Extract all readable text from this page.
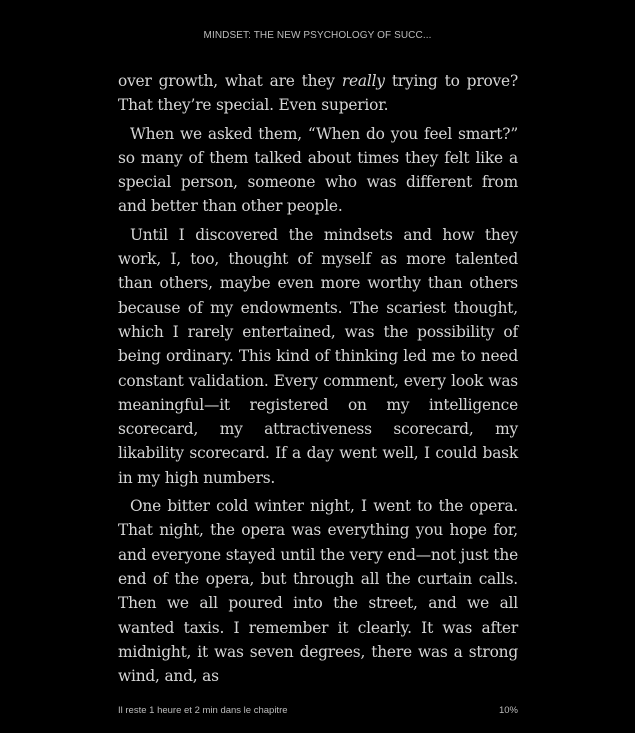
MINDSET: THE NEW PSYCHOLOGY OF SUCC...

over growth, what are they really trying to prove? That they’re special. Even superior.

When we asked them, “When do you feel smart?” so many of them talked about times they felt like a special person, someone who was different from and better than other people.

Until I discovered the mindsets and how they work, I, too, thought of myself as more talented than others, maybe even more worthy than others because of my endowments. The scariest thought, which I rarely entertained, was the possibility of being ordinary. This kind of thinking led me to need constant validation. Every comment, every look was meaningful—it registered on my intelligence scorecard, my attractiveness scorecard, my likability scorecard. If a day went well, I could bask in my high numbers.

One bitter cold winter night, I went to the opera. That night, the opera was everything you hope for, and everyone stayed until the very end—not just the end of the opera, but through all the curtain calls. Then we all poured into the street, and we all wanted taxis. I remember it clearly. It was after midnight, it was seven degrees, there was a strong wind, and, as

Il reste 1 heure et 2 min dans le chapitre	10%
